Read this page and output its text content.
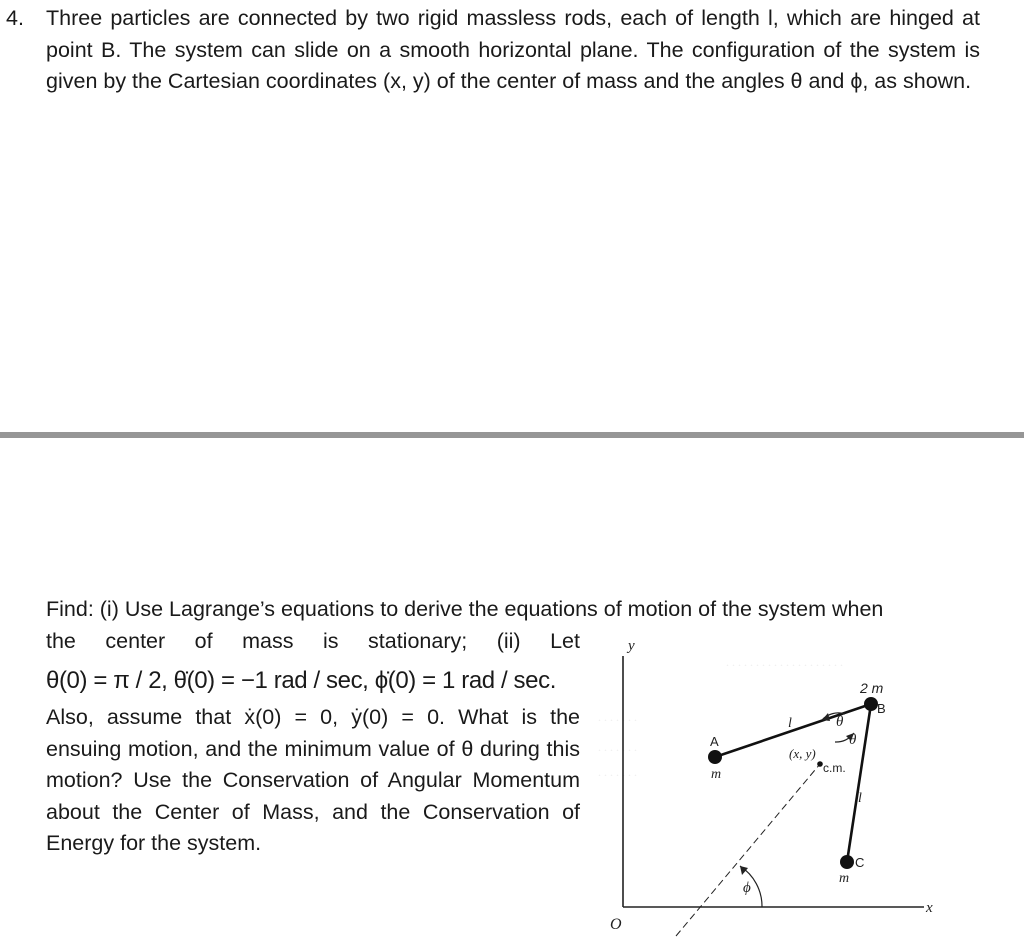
4. Three particles are connected by two rigid massless rods, each of length l, which are hinged at point B. The system can slide on a smooth horizontal plane. The configuration of the system is given by the Cartesian coordinates (x, y) of the center of mass and the angles θ and ϕ, as shown.
Find: (i) Use Lagrange’s equations to derive the equations of motion of the system when
the center of mass is stationary; (ii) Let
θ(0) = π / 2, θ̇(0) = −1 rad / sec, ϕ̇(0) = 1 rad / sec.
Also, assume that ẋ(0) = 0, ẏ(0) = 0. What is the ensuing motion, and the minimum value of θ during this motion? Use the Conservation of Angular Momentum about the Center of Mass, and the Conservation of Energy for the system.
. . . . . . . . . . . . . . . . . . . .
. . . . . . .
. . . . . . .
. . . . . . .
y
x
O
ϕ
θ
θ
A
m
2 m
B
C
m
l
l
(x, y)
c.m.
